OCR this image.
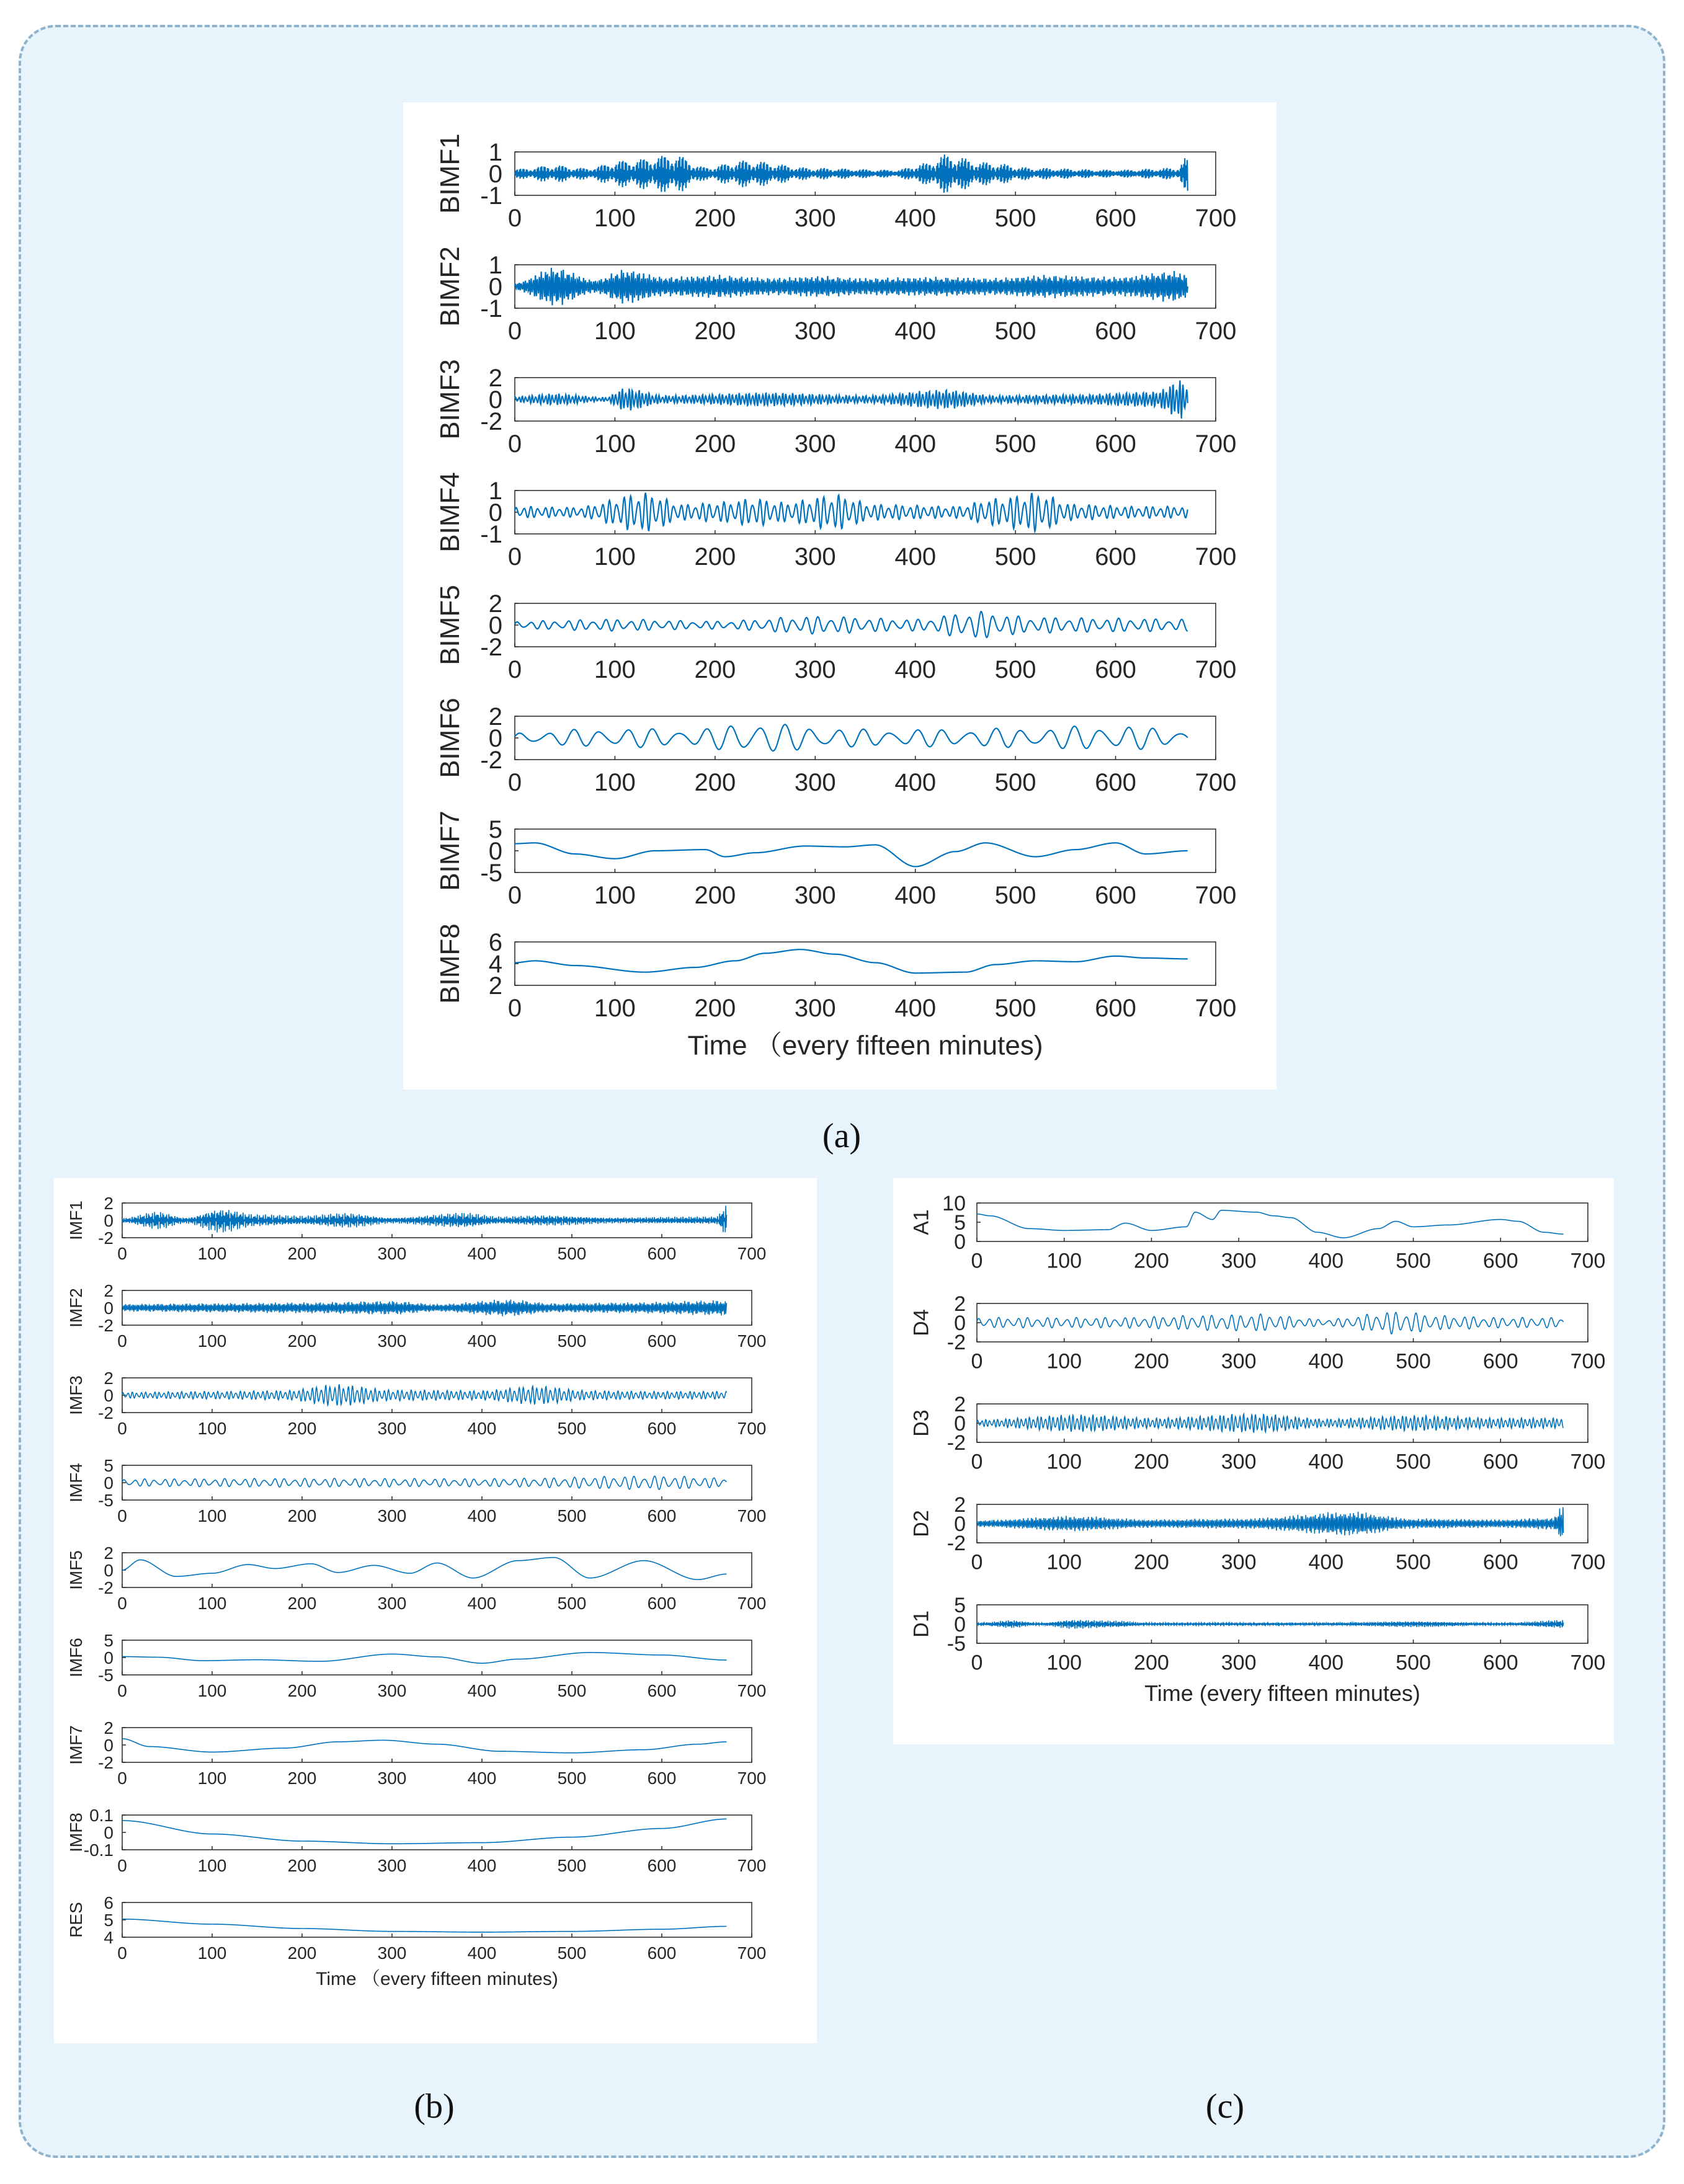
1
0
-1
BIMF1
0	100 200 300 400 500 600 700
1
0
-1
BIMF2
0	100 200 300 400 500 600 700
2
0
-2
BIMF3
0	100 200 300 400 500 600 700
1
0
-1
BIMF4
0	100 200 300 400 500 600 700
2
0
-2
BIMF5
0	100 200 300 400 500 600 700
2
0
-2
BIMF6
0	100 200 300 400 500 600 700
5
0
-5
BIMF7
0	100 200 300 400 500 600 700
6
4
2
BIMF8
0	100 200 300 400 500 600 700
Time （every fifteen minutes)
(a)
2
0
-2
IMF1
0	100	200	300	400	500	600	700
2
0
-2
IMF2
0	100	200	300	400	500	600	700
2
0
-2
IMF3
0	100	200	300	400	500	600	700
5
0
-5
IMF4
0	100	200	300	400	500	600	700
2
0
-2
IMF5
0	100	200	300	400	500	600	700
5
0
-5
IMF6
0	100	200	300	400	500	600	700
2
0
-2
IMF7
0	100	200	300	400	500	600	700
0.1
0
-0.1
IMF8
0	100	200	300	400	500	600	700
6
5
4
RES
0	100	200	300	400	500	600	700
Time （every fifteen minutes)
(b)
10
5
0
A1
0	100 200 300 400 500 600 700
2
0
-2
D4
0	100 200 300 400 500 600 700
2
0
-2
D3
0	100 200 300 400 500 600 700
2
0
-2
D2
0	100 200 300 400 500 600 700
5
0
-5
D1
0	100 200 300 400 500 600 700
Time (every fifteen minutes)
(c)
